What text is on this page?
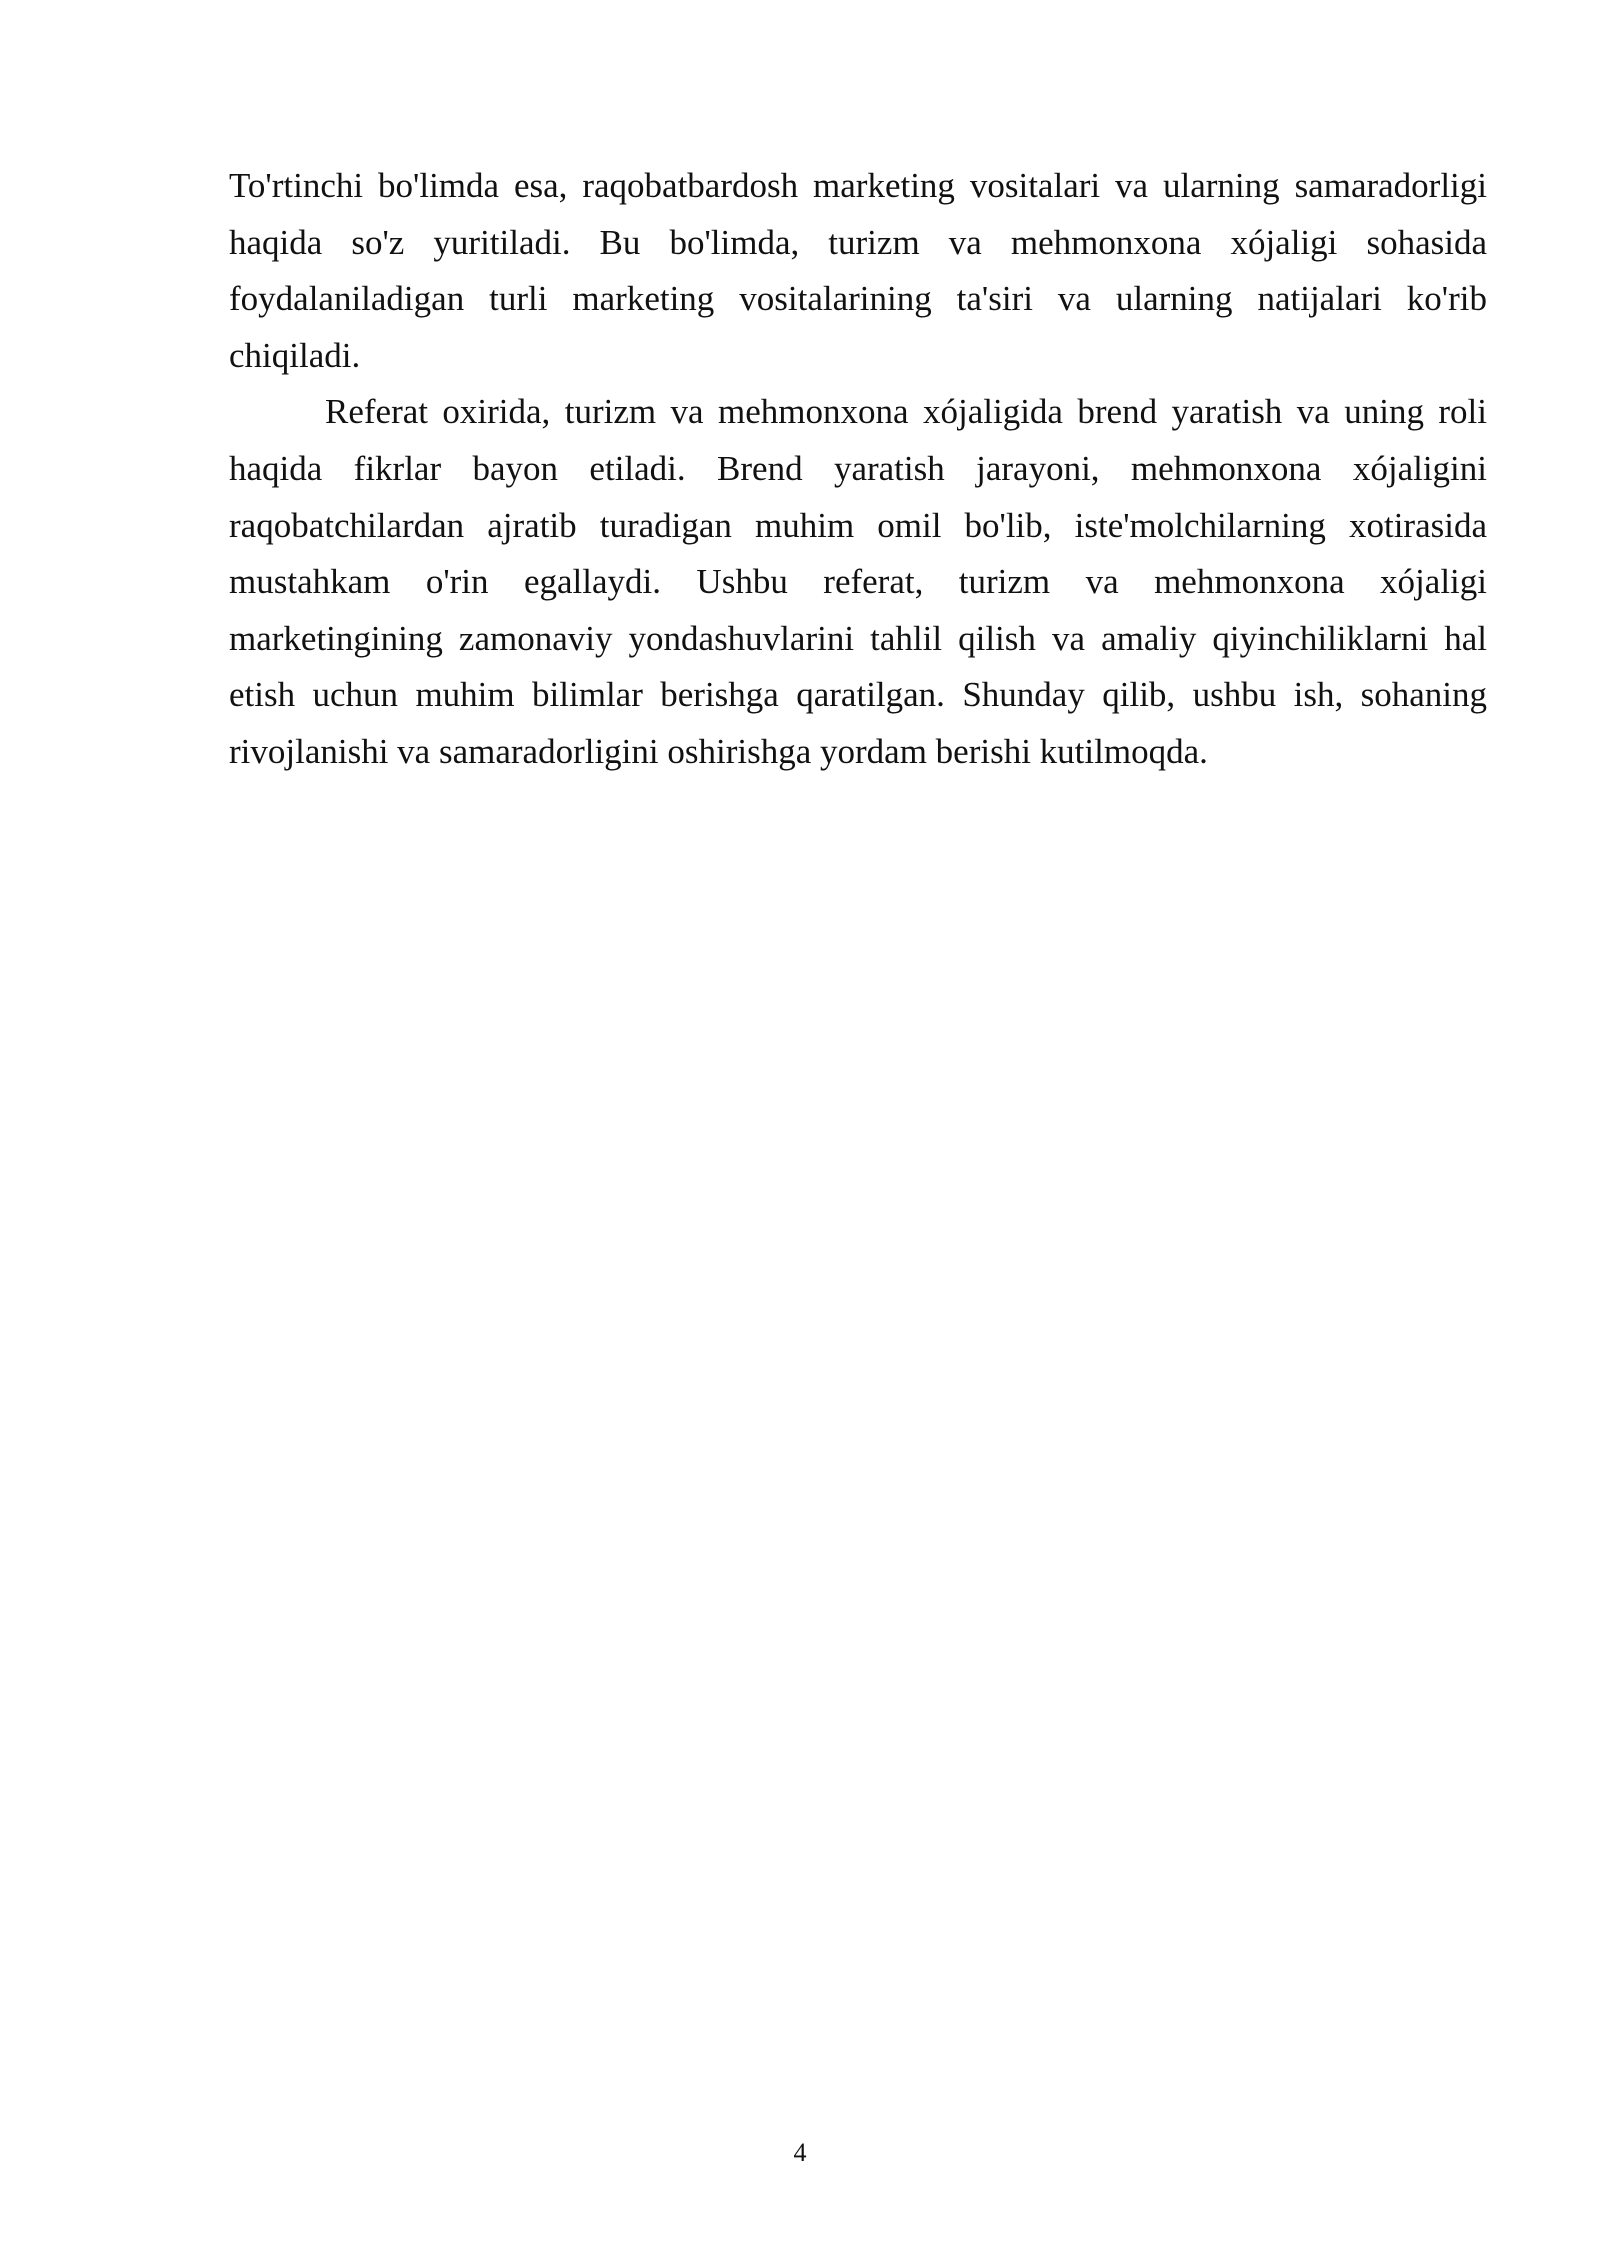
To'rtinchi bo'limda esa, raqobatbardosh marketing vositalari va ularning samaradorligi haqida so'z yuritiladi. Bu bo'limda, turizm va mehmonxona xójaligi sohasida foydalaniladigan turli marketing vositalarining ta'siri va ularning natijalari ko'rib chiqiladi.

Referat oxirida, turizm va mehmonxona xójaligida brend yaratish va uning roli haqida fikrlar bayon etiladi. Brend yaratish jarayoni, mehmonxona xójaligini raqobatchilardan ajratib turadigan muhim omil bo'lib, iste'molchilarning xotirasida mustahkam o'rin egallaydi. Ushbu referat, turizm va mehmonxona xójaligi marketingining zamonaviy yondashuvlarini tahlil qilish va amaliy qiyinchiliklarni hal etish uchun muhim bilimlar berishga qaratilgan. Shunday qilib, ushbu ish, sohaning rivojlanishi va samaradorligini oshirishga yordam berishi kutilmoqda.

4
